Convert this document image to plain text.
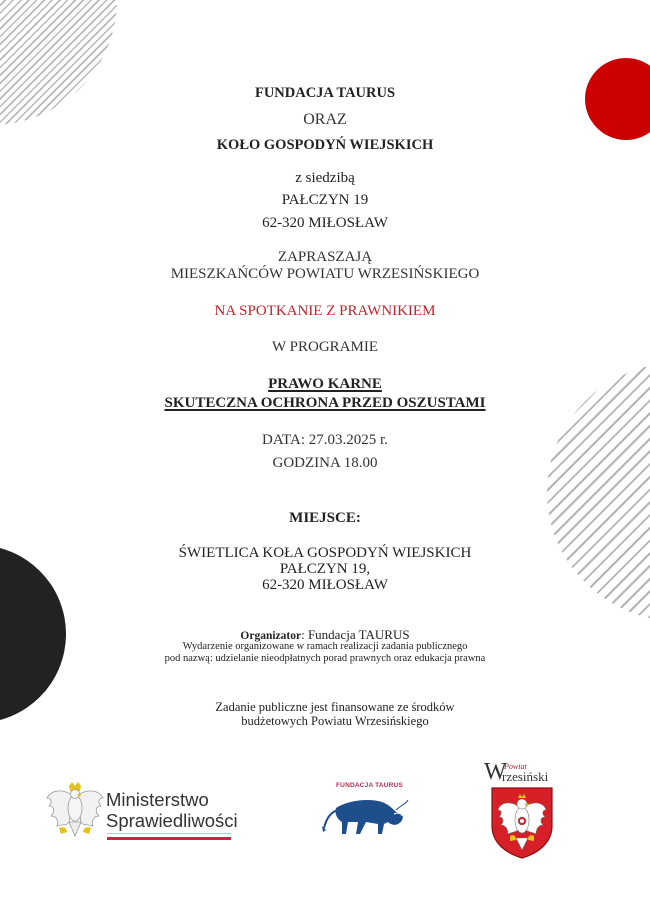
FUNDACJA TAURUS
ORAZ
KOŁO GOSPODYŃ WIEJSKICH
z siedzibą
PAŁCZYN 19
62-320 MIŁOSŁAW
ZAPRASZAJĄ
MIESZKAŃCÓW POWIATU WRZESIŃSKIEGO
NA SPOTKANIE Z PRAWNIKIEM
W PROGRAMIE
PRAWO KARNE
SKUTECZNA OCHRONA PRZED OSZUSTAMI
DATA: 27.03.2025 r.
GODZINA 18.00
MIEJSCE:
ŚWIETLICA KOŁA GOSPODYŃ WIEJSKICH
PAŁCZYN 19,
62-320 MIŁOSŁAW
Organizator: Fundacja TAURUS
Wydarzenie organizowane w ramach realizacji zadania publicznego
pod nazwą: udzielanie nieodpłatnych porad prawnych oraz edukacja prawna
Zadanie publiczne jest finansowane ze środków
budżetowych Powiatu Wrzesińskiego
Ministerstwo
Sprawiedliwości
FUNDACJA TAURUS
W
Powiat
rzesiński
